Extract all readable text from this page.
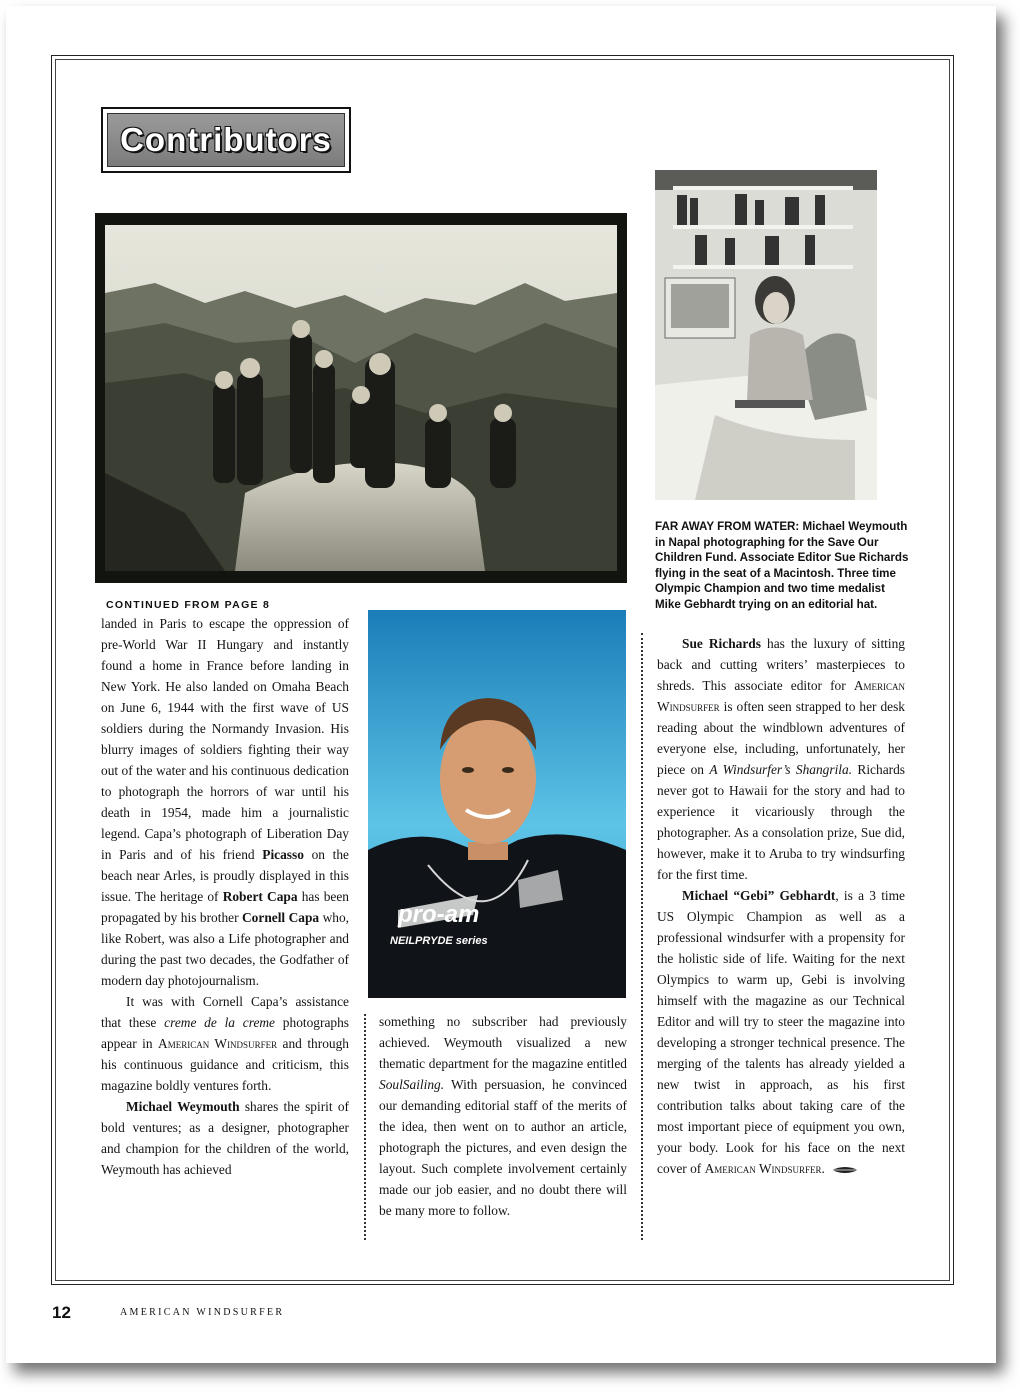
Contributors
pro-am
NEILPRYDE series

FAR AWAY FROM WATER: Michael Weymouth in Napal photographing for the Save Our Children Fund. Associate Editor Sue Richards flying in the seat of a Macintosh. Three time Olympic Champion and two time medalist Mike Gebhardt trying on an editorial hat.

CONTINUED FROM PAGE 8

landed in Paris to escape the oppression of pre-World War II Hungary and instantly found a home in France before landing in New York. He also landed on Omaha Beach on June 6, 1944 with the first wave of US soldiers during the Normandy Invasion. His blurry images of soldiers fighting their way out of the water and his continuous dedication to photograph the horrors of war until his death in 1954, made him a journalistic legend. Capa’s photograph of Liberation Day in Paris and of his friend Picasso on the beach near Arles, is proudly displayed in this issue. The heritage of Robert Capa has been propagated by his brother Cornell Capa who, like Robert, was also a Life photographer and during the past two decades, the Godfather of modern day photojournalism.

It was with Cornell Capa’s assistance that these creme de la creme photographs appear in American Windsurfer and through his continuous guidance and criticism, this magazine boldly ventures forth.

Michael Weymouth shares the spirit of bold ventures; as a designer, photographer and champion for the children of the world, Weymouth has achieved

something no subscriber had previously achieved. Weymouth visualized a new thematic department for the magazine entitled SoulSailing. With persuasion, he convinced our demanding editorial staff of the merits of the idea, then went on to author an article, photograph the pictures, and even design the layout. Such complete involvement certainly made our job easier, and no doubt there will be many more to follow.

Sue Richards has the luxury of sitting back and cutting writers’ masterpieces to shreds. This associate editor for American Windsurfer is often seen strapped to her desk reading about the windblown adventures of everyone else, including, unfortunately, her piece on A Windsurfer’s Shangrila. Richards never got to Hawaii for the story and had to experience it vicariously through the photographer. As a consolation prize, Sue did, however, make it to Aruba to try windsurfing for the first time.

Michael “Gebi” Gebhardt, is a 3 time US Olympic Champion as well as a professional windsurfer with a propensity for the holistic side of life. Waiting for the next Olympics to warm up, Gebi is involving himself with the magazine as our Technical Editor and will try to steer the magazine into developing a stronger technical presence. The merging of the talents has already yielded a new twist in approach, as his first contribution talks about taking care of the most important piece of equipment you own, your body. Look for his face on the next cover of American Windsurfer.

12	AMERICAN WINDSURFER
